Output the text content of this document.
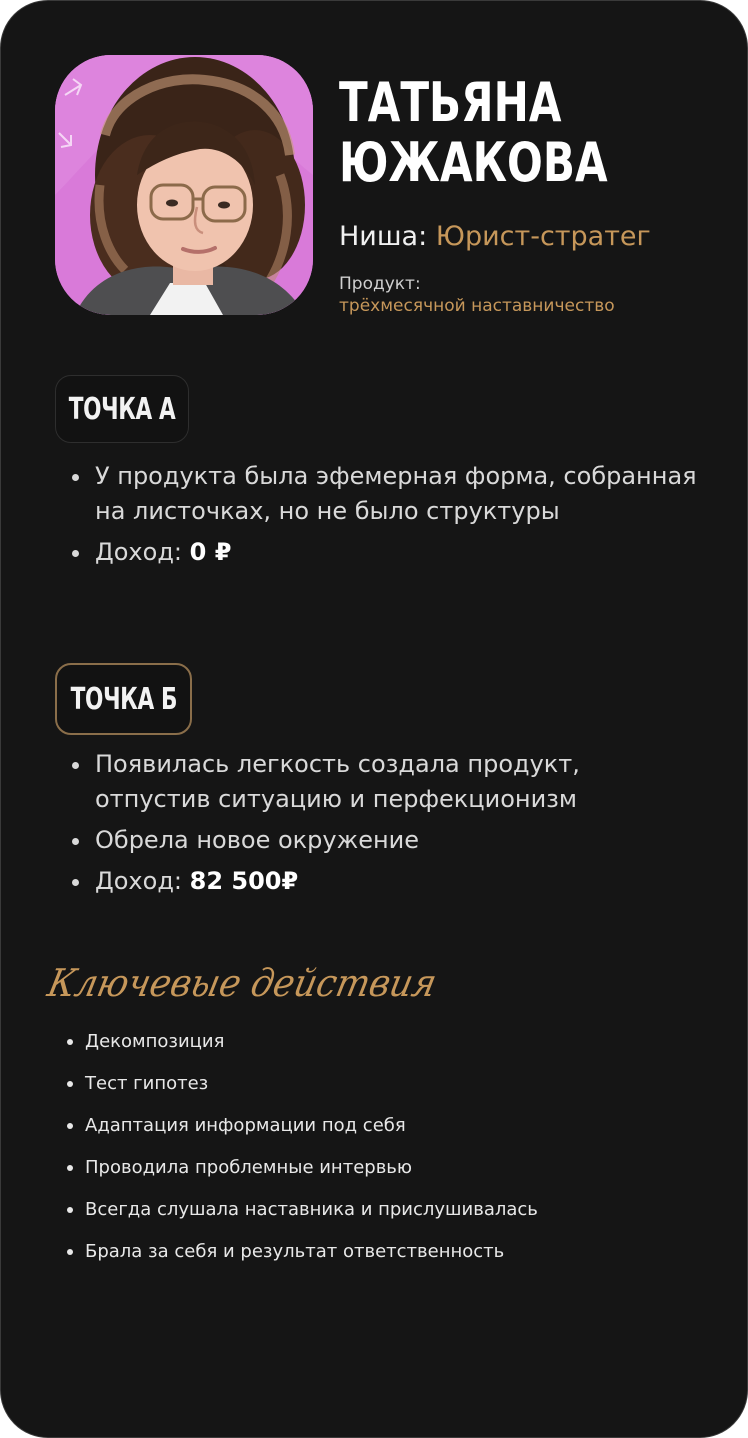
ТАТЬЯНА
ЮЖАКОВА
Ниша: Юрист-стратег
Продукт:
трёхмесячной наставничество
ТОЧКА А
У продукта была эфемерная форма, собранная на листочках, но не было структуры
Доход: 0 ₽
ТОЧКА Б
Появилась легкость создала продукт, отпустив ситуацию и перфекционизм
Обрела новое окружение
Доход: 82 500₽
Ключевые действия
Декомпозиция
Тест гипотез
Адаптация информации под себя
Проводила проблемные интервью
Всегда слушала наставника и прислушивалась
Брала за себя и результат ответственность
